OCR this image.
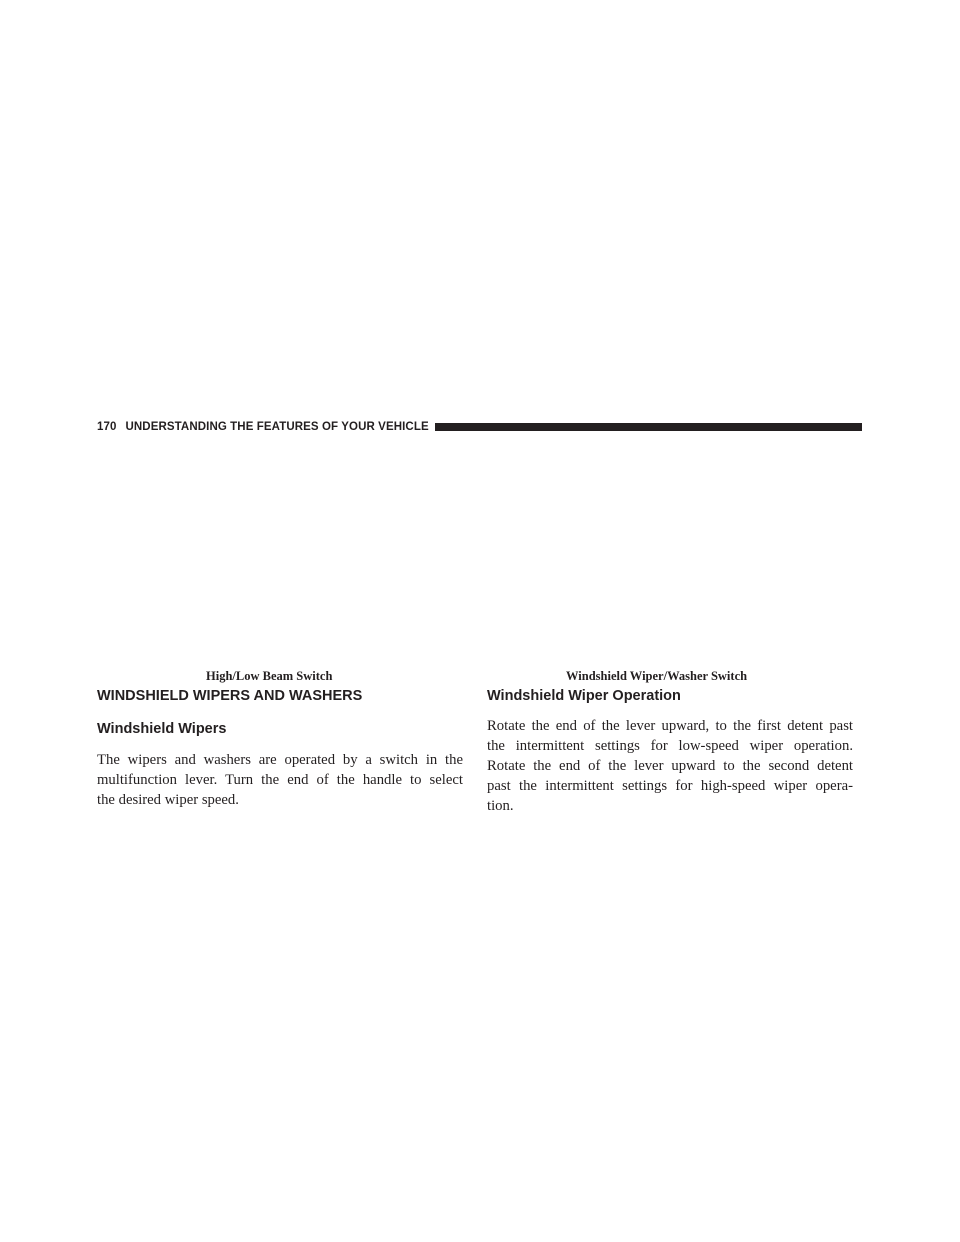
170 UNDERSTANDING THE FEATURES OF YOUR VEHICLE
High/Low Beam Switch	Windshield Wiper/Washer Switch
WINDSHIELD WIPERS AND WASHERS
Windshield Wipers

The wipers and washers are operated by a switch in the
multifunction lever. Turn the end of the handle to select
the desired wiper speed.

Windshield Wiper Operation

Rotate the end of the lever upward, to the first detent past
the intermittent settings for low-speed wiper operation.
Rotate the end of the lever upward to the second detent
past the intermittent settings for high-speed wiper opera-
tion.
